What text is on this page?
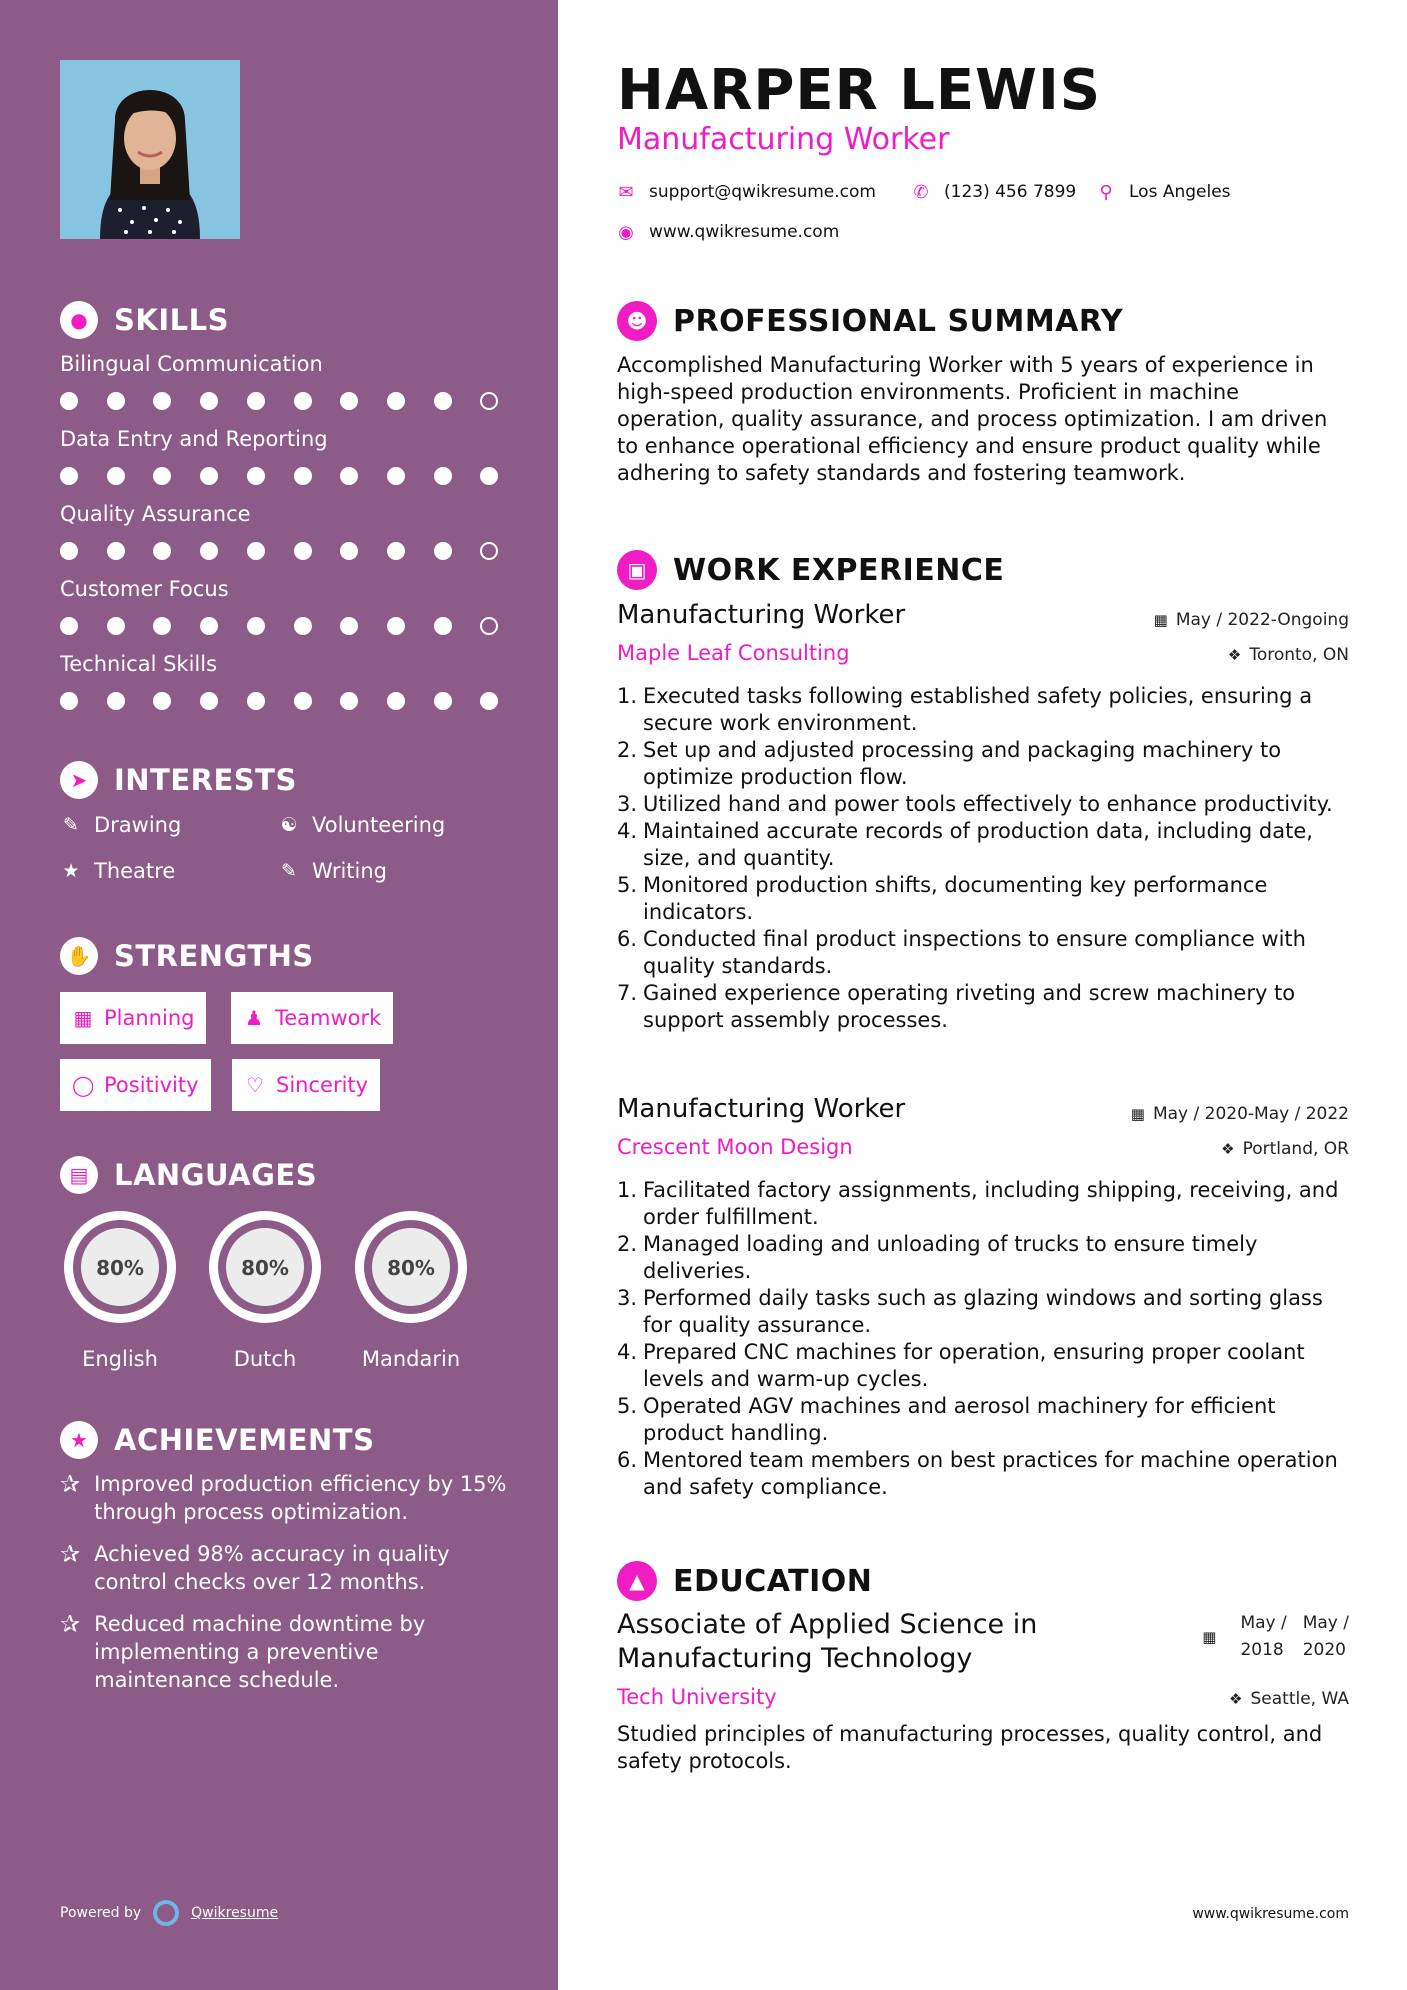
● SKILLS
Bilingual Communication
Data Entry and Reporting
Quality Assurance
Customer Focus
Technical Skills
➤ INTERESTS
✎ Drawing	☯ Volunteering
★ Theatre	✎ Writing
✋ STRENGTHS
▦ Planning	♟ Teamwork
◯ Positivity ♡ Sincerity
▤ LANGUAGES
80%
English
80%
Dutch
80%
Mandarin
★ ACHIEVEMENTS
✰ Improved production efficiency by 15% through process optimization.
✰ Achieved 98% accuracy in quality control checks over 12 months.
✰ Reduced machine downtime by implementing a preventive maintenance schedule.
Powered by	Qwikresume
HARPER LEWIS
Manufacturing Worker
✉ support@qwikresume.com ✆ (123) 456 7899 ⚲ Los Angeles
◉ www.qwikresume.com
☻ PROFESSIONAL SUMMARY
Accomplished Manufacturing Worker with 5 years of experience in high-speed production environments. Proficient in machine operation, quality assurance, and process optimization. I am driven to enhance operational efficiency and ensure product quality while adhering to safety standards and fostering teamwork.
▣ WORK EXPERIENCE
Manufacturing Worker	▦ May / 2022-Ongoing
Maple Leaf Consulting	❖ Toronto, ON
1. Executed tasks following established safety policies, ensuring a secure work environment.
2. Set up and adjusted processing and packaging machinery to optimize production flow.
3. Utilized hand and power tools effectively to enhance productivity.
4. Maintained accurate records of production data, including date, size, and quantity.
5. Monitored production shifts, documenting key performance indicators.
6. Conducted final product inspections to ensure compliance with quality standards.
7. Gained experience operating riveting and screw machinery to support assembly processes.
Manufacturing Worker	▦ May / 2020-May / 2022
Crescent Moon Design	❖ Portland, OR
1. Facilitated factory assignments, including shipping, receiving, and order fulfillment.
2. Managed loading and unloading of trucks to ensure timely deliveries.
3. Performed daily tasks such as glazing windows and sorting glass for quality assurance.
4. Prepared CNC machines for operation, ensuring proper coolant levels and warm-up cycles.
5. Operated AGV machines and aerosol machinery for efficient product handling.
6. Mentored team members on best practices for machine operation and safety compliance.
▲ EDUCATION
Associate of Applied Science in Manufacturing Technology
▦
May /
2018
May /
2020
Tech University	❖ Seattle, WA
Studied principles of manufacturing processes, quality control, and safety protocols.
www.qwikresume.com
